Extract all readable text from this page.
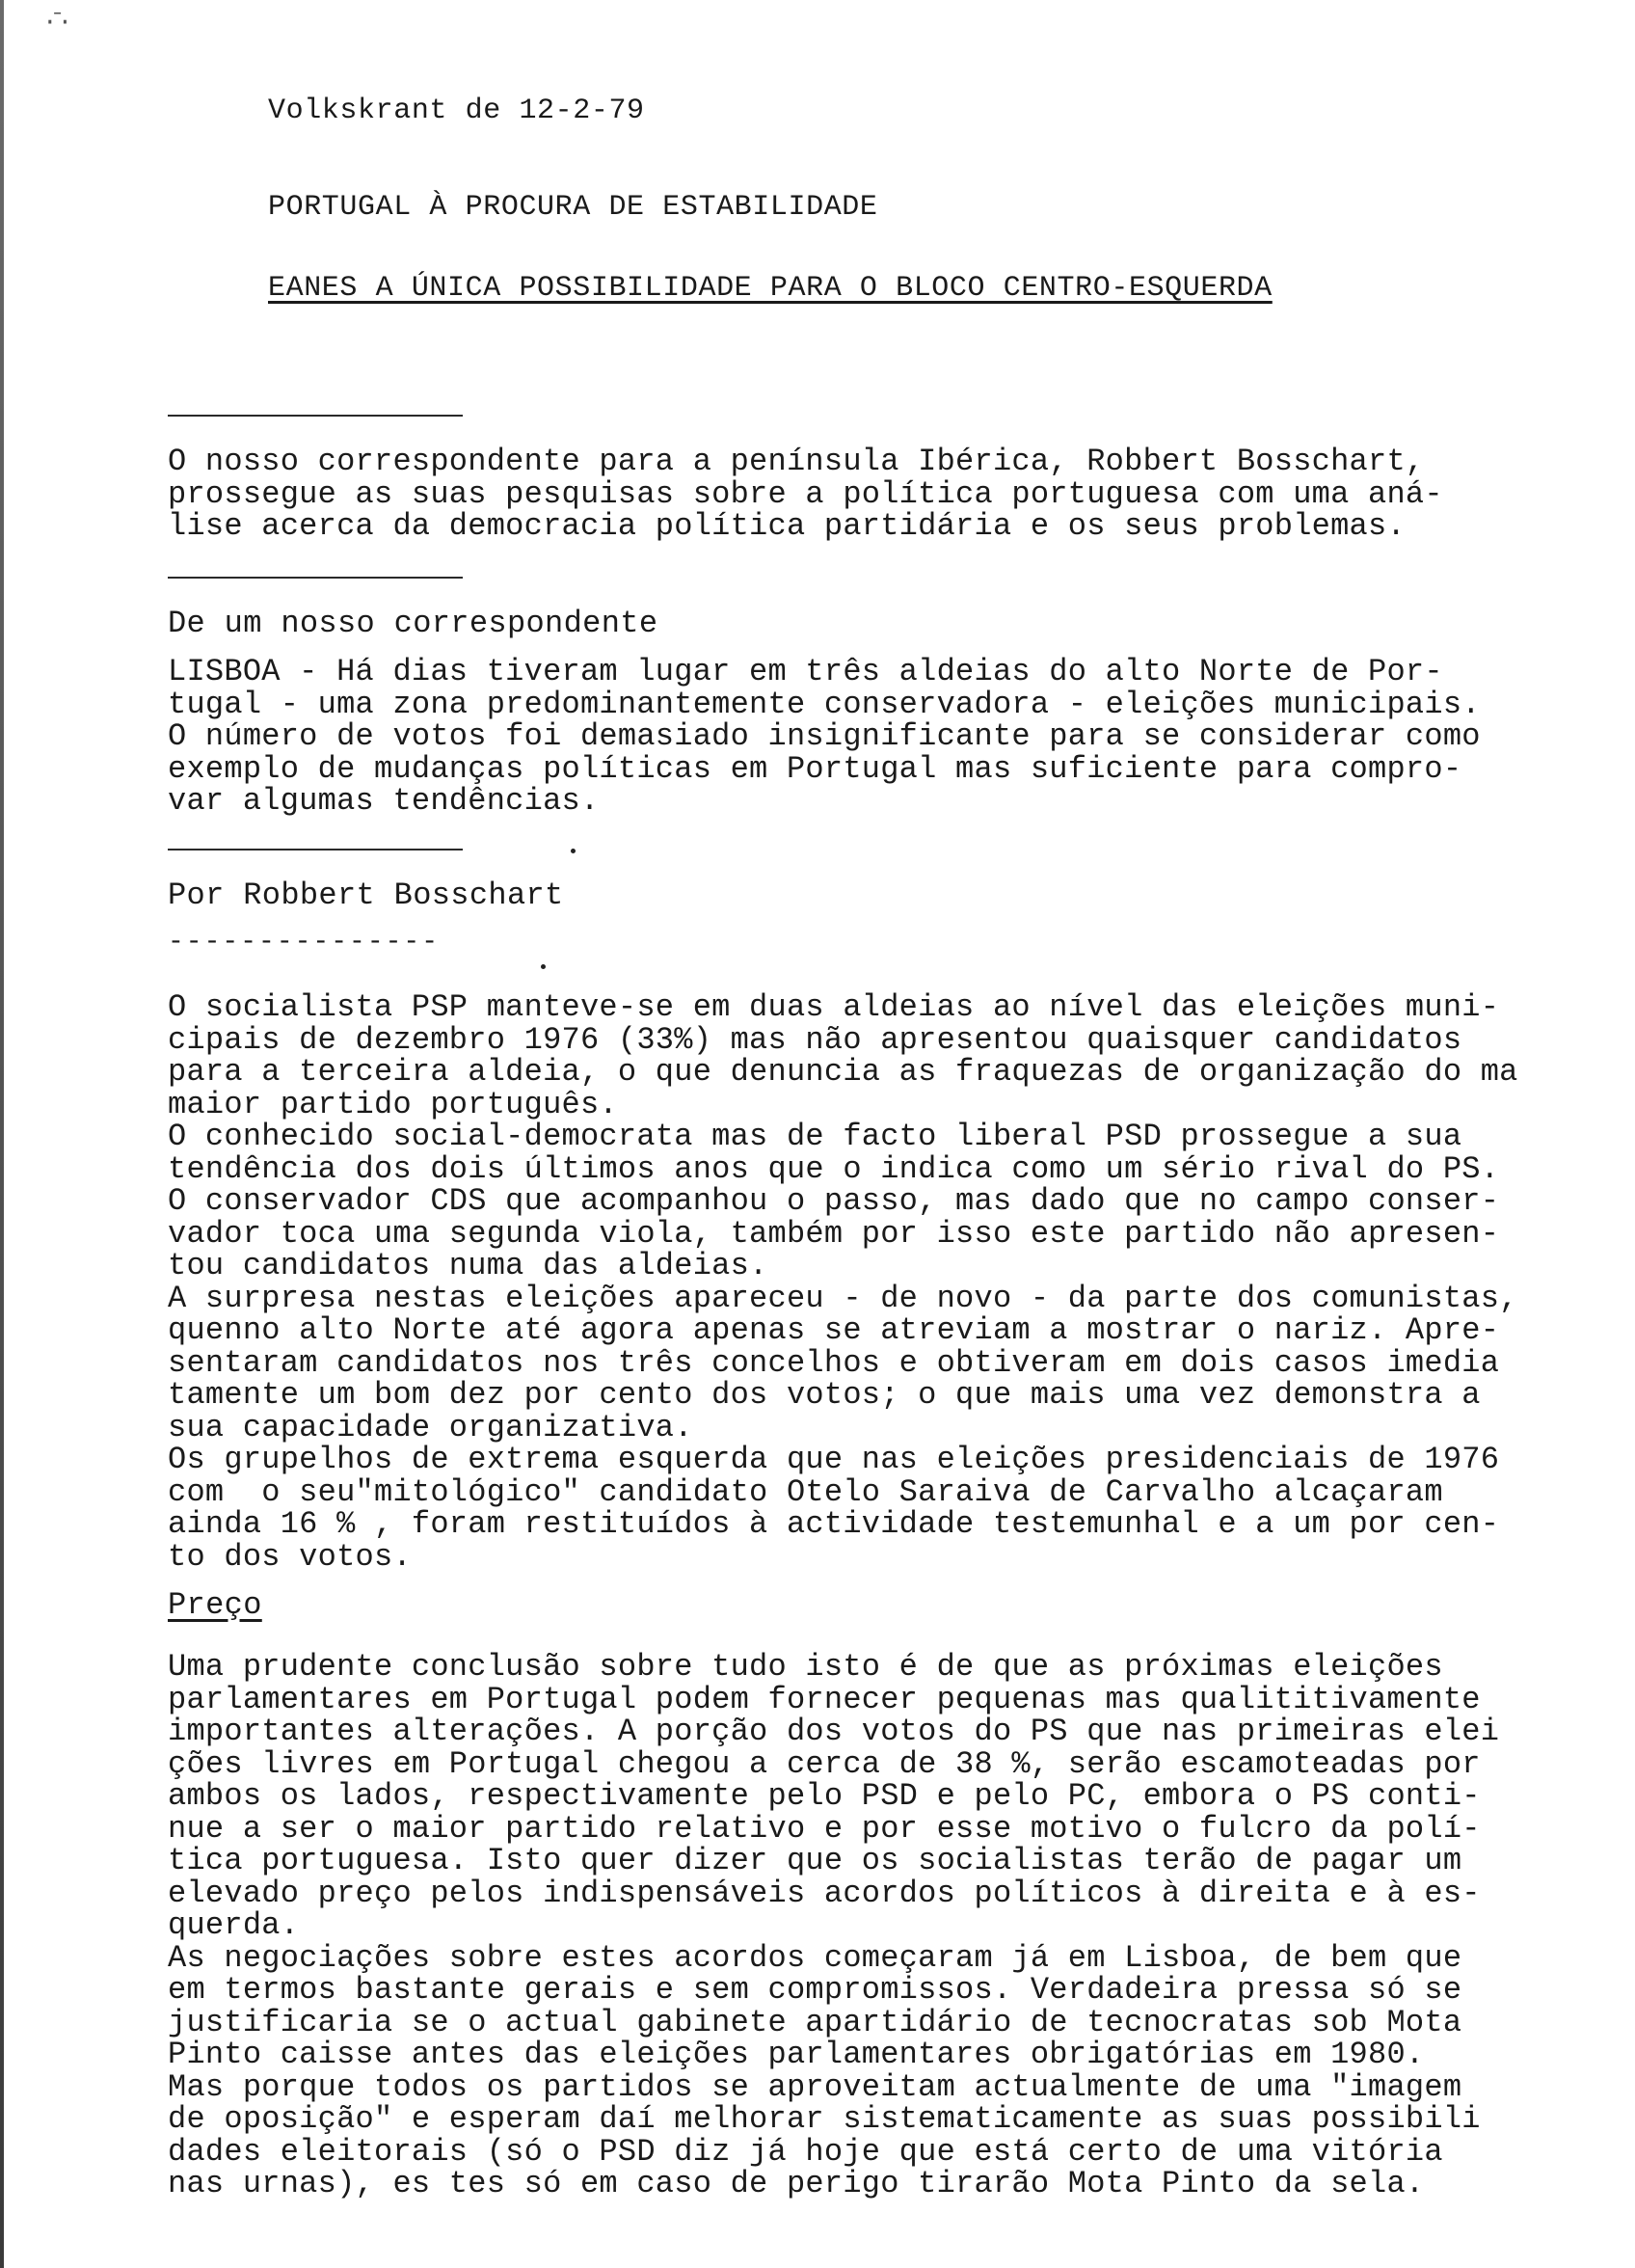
·̄·
Volkskrant de 12-2-79
PORTUGAL À PROCURA DE ESTABILIDADE
EANES A ÚNICA POSSIBILIDADE PARA O BLOCO CENTRO-ESQUERDA
O nosso correspondente para a península Ibérica, Robbert Bosschart,
prossegue as suas pesquisas sobre a política portuguesa com uma aná-
lise acerca da democracia política partidária e os seus problemas.
De um nosso correspondente
LISBOA - Há dias tiveram lugar em três aldeias do alto Norte de Por-
tugal - uma zona predominantemente conservadora - eleições municipais.
O número de votos foi demasiado insignificante para se considerar como
exemplo de mudanças políticas em Portugal mas suficiente para compro-
var algumas tendências.
Por Robbert Bosschart
---------------
O socialista PSP manteve-se em duas aldeias ao nível das eleições muni-
cipais de dezembro 1976 (33%) mas não apresentou quaisquer candidatos
para a terceira aldeia, o que denuncia as fraquezas de organização do ma
maior partido português.
O conhecido social-democrata mas de facto liberal PSD prossegue a sua
tendência dos dois últimos anos que o indica como um sério rival do PS.
O conservador CDS que acompanhou o passo, mas dado que no campo conser-
vador toca uma segunda viola, também por isso este partido não apresen-
tou candidatos numa das aldeias.
A surpresa nestas eleições apareceu - de novo - da parte dos comunistas,
quenno alto Norte até agora apenas se atreviam a mostrar o nariz. Apre-
sentaram candidatos nos três concelhos e obtiveram em dois casos imedia
tamente um bom dez por cento dos votos; o que mais uma vez demonstra a
sua capacidade organizativa.
Os grupelhos de extrema esquerda que nas eleições presidenciais de 1976
com  o seu"mitológico" candidato Otelo Saraiva de Carvalho alcaçaram
ainda 16 % , foram restituídos à actividade testemunhal e a um por cen-
to dos votos.
Preço
Uma prudente conclusão sobre tudo isto é de que as próximas eleições
parlamentares em Portugal podem fornecer pequenas mas qualititivamente
importantes alterações. A porção dos votos do PS que nas primeiras elei
ções livres em Portugal chegou a cerca de 38 %, serão escamoteadas por
ambos os lados, respectivamente pelo PSD e pelo PC, embora o PS conti-
nue a ser o maior partido relativo e por esse motivo o fulcro da polí-
tica portuguesa. Isto quer dizer que os socialistas terão de pagar um
elevado preço pelos indispensáveis acordos políticos à direita e à es-
querda.
As negociações sobre estes acordos começaram já em Lisboa, de bem que
em termos bastante gerais e sem compromissos. Verdadeira pressa só se
justificaria se o actual gabinete apartidário de tecnocratas sob Mota
Pinto caisse antes das eleições parlamentares obrigatórias em 1980.
Mas porque todos os partidos se aproveitam actualmente de uma "imagem
de oposição" e esperam daí melhorar sistematicamente as suas possibili
dades eleitorais (só o PSD diz já hoje que está certo de uma vitória
nas urnas), es tes só em caso de perigo tirarão Mota Pinto da sela.
